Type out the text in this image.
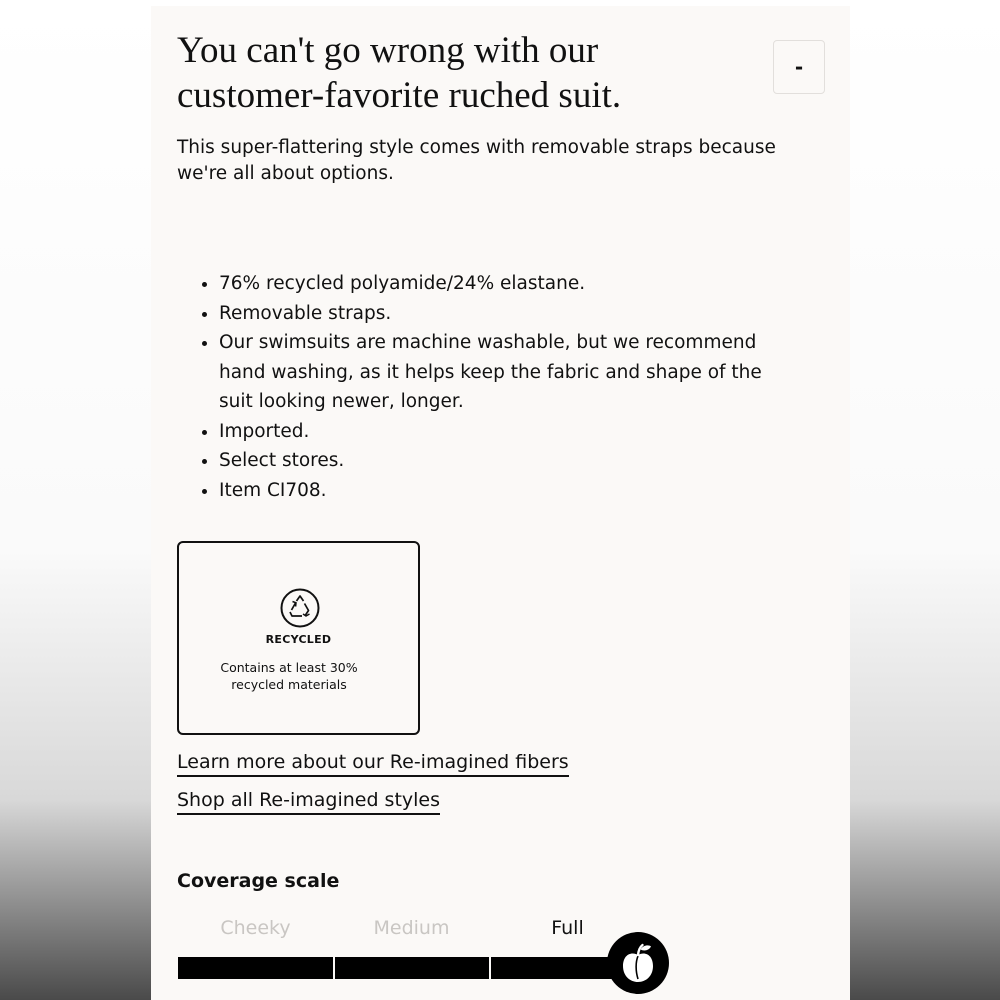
You can't go wrong with our customer-favorite ruched suit.
-

This super-flattering style comes with removable straps because we're all about options.

• 76% recycled polyamide/24% elastane.
• Removable straps.
• Our swimsuits are machine washable, but we recommend hand washing, as it helps keep the fabric and shape of the suit looking newer, longer.
• Imported.
• Select stores.
• Item CI708.
RECYCLED
Contains at least 30% recycled materials
Learn more about our Re-imagined fibers
Shop all Re-imagined styles
Coverage scale
Cheeky	Medium	Full
